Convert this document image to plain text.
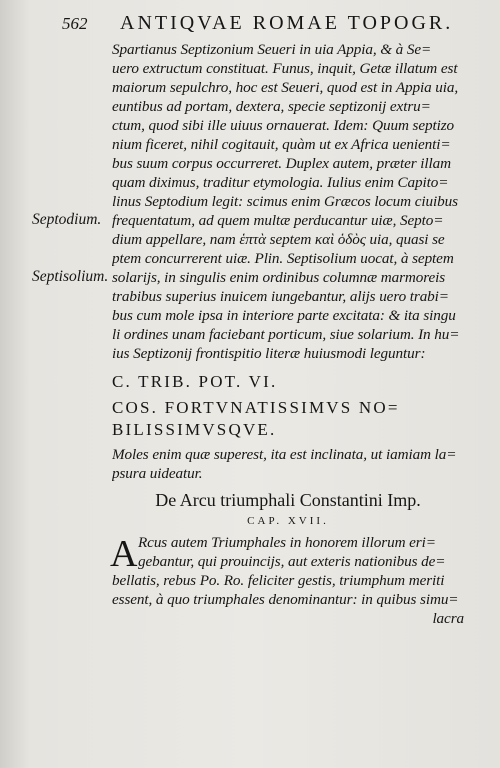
562 ANTIQVAE ROMAE TOPOGR.
Septodium.
Septisolium.
Spartianus Septizonium Seueri in uia Appia, & à Se=
uero extructum constituat. Funus, inquit, Getæ illatum est
maiorum sepulchro, hoc est Seueri, quod est in Appia uia,
euntibus ad portam, dextera, specie septizonij extru=
ctum, quod sibi ille uiuus ornauerat. Idem: Quum septizo
nium ficeret, nihil cogitauit, quàm ut ex Africa uenienti=
bus suum corpus occurreret. Duplex autem, præter illam
quam diximus, traditur etymologia. Iulius enim Capito=
linus Septodium legit: scimus enim Græcos locum ciuibus
frequentatum, ad quem multæ perducantur uiæ, Septo=
dium appellare, nam ἑπτὰ septem καὶ ὁδὸς uia, quasi se
ptem concurrerent uiæ. Plin. Septisolium uocat, à septem
solarijs, in singulis enim ordinibus columnæ marmoreis
trabibus superius inuicem iungebantur, alijs uero trabi=
bus cum mole ipsa in interiore parte excitata: & ita singu
li ordines unam faciebant porticum, siue solarium. In hu=
ius Septizonij frontispitio literæ huiusmodi leguntur:
C. TRIB. POT. VI.
COS. FORTVNATISSIMVS NO=
BILISSIMVSQVE.
Moles enim quæ superest, ita est inclinata, ut iamiam la=
psura uideatur.
De Arcu triumphali Constantini Imp.
CAP. XVII.
A Rcus autem Triumphales in honorem illorum eri=
gebantur, qui prouincijs, aut exteris nationibus de=
bellatis, rebus Po. Ro. feliciter gestis, triumphum meriti
essent, à quo triumphales denominantur: in quibus simu=
lacra
